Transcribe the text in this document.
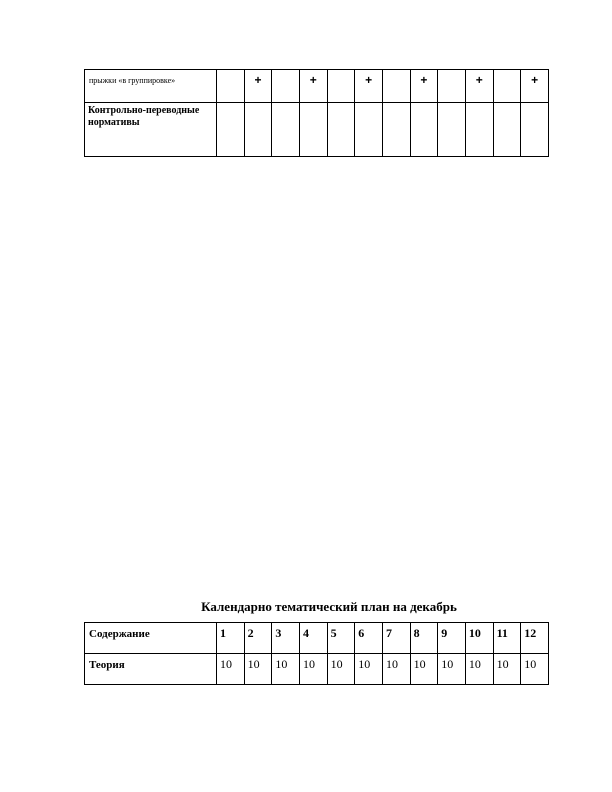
прыжки «в группировке»		+		+		+		+		+		+
Контрольно-переводные нормативы												
Календарно тематический план на декабрь
Содержание	1	2	3	4	5	6	7	8	9	10	11	12
Теория	10	10	10	10	10	10	10	10	10	10	10	10
